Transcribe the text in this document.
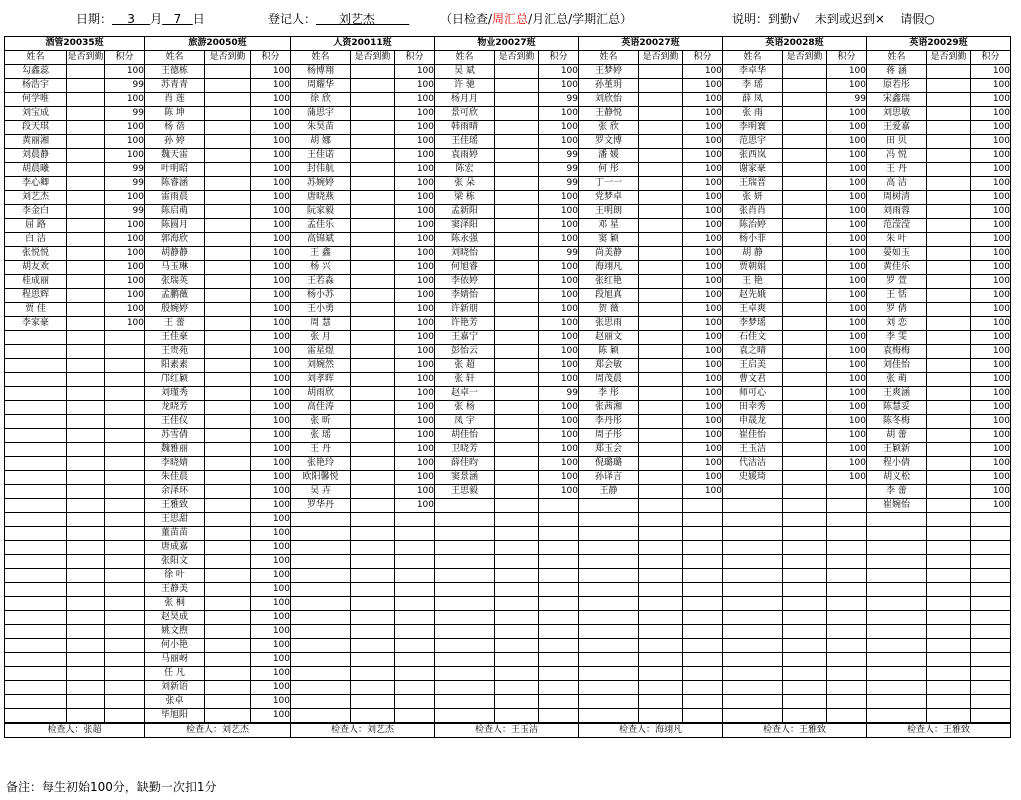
日期： 3 月 7 日	登记人： 刘艺杰	（日检查/周汇总/月汇总/学期汇总）	说明：到勤√    未到或迟到×    请假○
酒管20035班			旅游20050班			人资20011班			物业20027班			英语20027班			英语20028班			英语20029班		
姓名	是否到勤	积分	姓名	是否到勤	积分	姓名	是否到勤	积分	姓名	是否到勤	积分	姓名	是否到勤	积分	姓名	是否到勤	积分	姓名	是否到勤	积分
勾鑫蕊		100	王德栋		100	杨博翔		100	吴 斌		100	王梦婷		100	李卓华		100	蒋 涵		100
杨浩宇		99	苏青青		100	周耀华		100	许 驰		100	孙堇玥		100	李 瑶		100	原若彤		100
何学唯		100	肖 莲		100	徐 欣		100	杨月月		99	刘欣怡		100	薛 凤		99	宋鑫瑞		100
刘宝成		99	陈 坤		100	蒲思宇		100	景可欣		100	王静悦		100	张 雨		100	刘思敏		100
段天琪		100	杨 蓓		100	朱昊苗		100	韩雨晴		100	张 欣		100	李明寰		100	王爱嘉		100
黄丽湘		100	孙 婷		100	胡 娜		100	王佳瑶		100	罗文博		100	范思宇		100	田 贝		100
刘晨静		100	魏天雷		100	王佳诺		100	袁雨婷		99	潘 媛		100	张西岚		100	冯 悦		100
胡晨曦		99	叶明昭		100	封伟航		100	陈宏		99	何 彤		100	谢家豪		100	王 丹		100
李心卿		99	陈睿涵		100	苏婉婷		100	张 朵		99	丁一一		100	王瑞晋		100	高 洁		100
刘艺杰		100	雷雨晨		100	唐晓燕		100	梁 栋		100	党梦卓		100	张 妍		100	周树清		100
李金白		99	陈启萌		100	阮家毅		100	孟新阳		100	王明朗		100	张肖肖		100	刘雨蓉		100
屈 路		100	陈圆月		100	孟佳乐		100	窦泽阳		100	邓 星		100	陈治婷		100	范滢滢		100
白 洁		100	郭海欣		100	高锦斌		100	陈永强		100	窦 颖		100	杨小菲		100	朱 叶		100
张悦悦		100	胡静静		100	王 鑫		100	刘晓怡		99	尚美静		100	胡 静		100	晏如玉		100
胡友欢		100	马玉琳		100	杨 兴		100	何旭睿		100	海翊凡		100	贾朝娟		100	黄佳乐		100
桂成丽		100	张瑞英		100	王若淼		100	李依婷		100	张红艳		100	王 艳		100	罗 萱		100
程思辉		100	孟鹏薇		100	杨小苏		100	李婧怡		100	段旭真		100	赵先娥		100	王 恬		100
贾 佳		100	殷婉婷		100	王小勇		100	许新朋		100	贺 薇		100	王卓爽		100	罗 倩		100
李家豪		100	王 蕾		100	周 慧		100	许艳芳		100	张思雨		100	李梦瑶		100	刘 恋		100
			王佳豪		100	张 月		100	王嘉宁		100	赵丽文		100	石佳文		100	李 雯		100
			王贵苑		100	雷星煜		100	彭怡云		100	陈 颖		100	袁之晴		100	袁梅梅		100
			阳素素		100	刘婉然		100	张 超		100	郑会敏		100	王启美		100	刘佳怡		100
			邝红颖		100	刘孝晖		100	张 轩		100	周茂晨		100	曹文君		100	张 萌		100
			刘瑾秀		100	胡雨欣		100	赵卓一		99	李 彤		100	师可心		100	王爽涵		100
			龙晓芳		100	高佳涛		100	张 杨		100	张茜湘		100	田幸秀		100	陈慧妥		100
			王佳仪		100	张 昕		100	凤 宇		100	李丹彤		100	申晟龙		100	陈冬梅		100
			苏雪倩		100	张 瑶		100	胡佳怡		100	周子彤		100	崔佳怡		100	胡 蕾		100
			魏雅丽		100	王 丹		100	卫晓芳		100	郑玉会		100	王玉洁		100	王颖新		100
			李晓婧		100	张艳玲		100	薛佳昀		100	倪璐璐		100	代洁洁		100	程小倩		100
			朱佳晨		100	欧阳馨悦		100	窦景涵		100	孙译言		100	史媛琦		100	胡义松		100
			余泽环		100	吴 卉		100	王思毅		100	王静		100				李 蕾		100
			王雅致		100	罗华丹		100										崔婉怡		100
			王思甜		100															
			董苗苗		100															
			唐成嘉		100															
			张阳文		100															
			徐 叶		100															
			王静美		100															
			张 桐		100															
			赵昊成		100															
			姚文煦		100															
			何小艳		100															
			马丽岈		100															
			任 凡		100															
			刘新语		100															
			张卓		100															
			毕旭阳		100															
检查人：张超			检查人：刘艺杰			检查人：刘艺杰			检查人：王玉洁			检查人：海翊凡			检查人：王雅致			检查人：王雅致		
备注：每生初始100分，缺勤一次扣1分
